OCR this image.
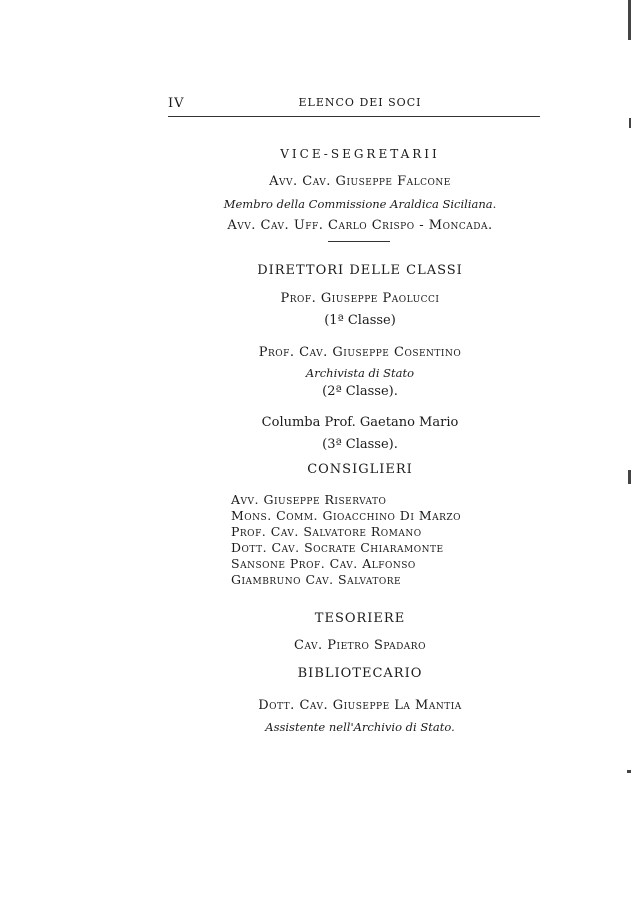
IV	ELENCO DEI SOCI
VICE-SEGRETARII
Avv. Cav. Giuseppe Falcone
Membro della Commissione Araldica Siciliana.
Avv. Cav. Uff. Carlo Crispo - Moncada.
DIRETTORI DELLE CLASSI
Prof. Giuseppe Paolucci
(1ª Classe)
Prof. Cav. Giuseppe Cosentino
Archivista di Stato
(2ª Classe).
Columba Prof. Gaetano Mario
(3ª Classe).
CONSIGLIERI
Avv. Giuseppe Riservato
Mons. Comm. Gioacchino Di Marzo
Prof. Cav. Salvatore Romano
Dott. Cav. Socrate Chiaramonte
Sansone Prof. Cav. Alfonso
Giambruno Cav. Salvatore
TESORIERE
Cav. Pietro Spadaro
BIBLIOTECARIO
Dott. Cav. Giuseppe La Mantia
Assistente nell'Archivio di Stato.
